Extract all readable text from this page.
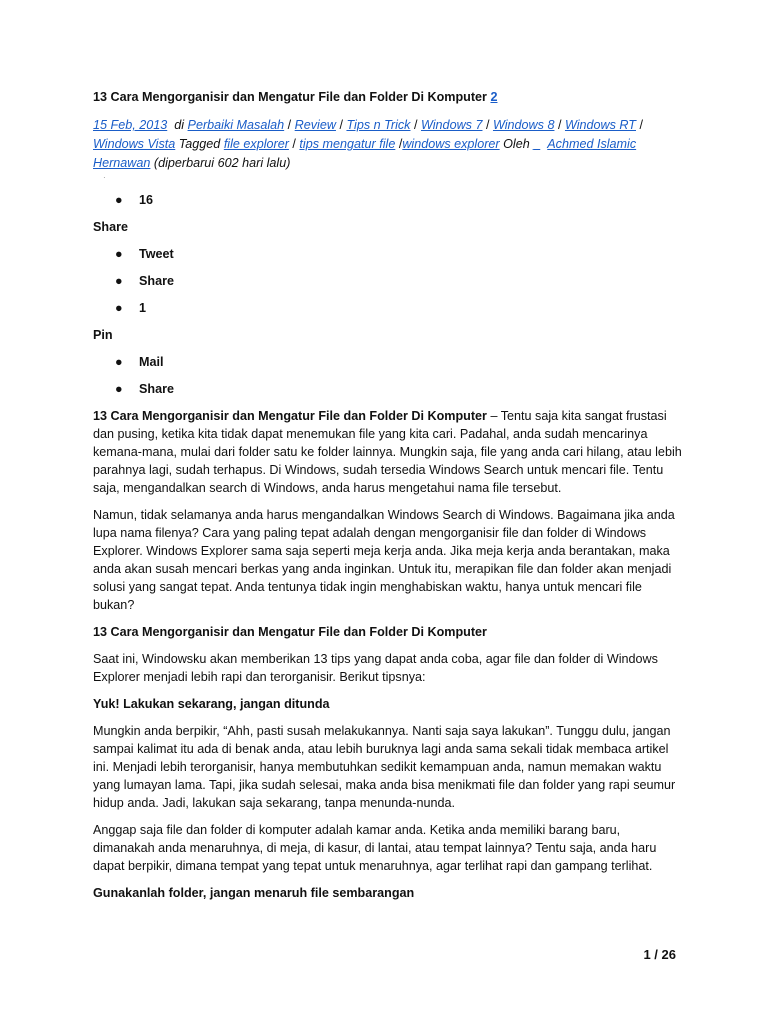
13 Cara Mengorganisir dan Mengatur File dan Folder Di Komputer 2
15 Feb, 2013 di Perbaiki Masalah / Review / Tips n Trick / Windows 7 / Windows 8 / Windows RT / Windows Vista Tagged file explorer / tips mengatur file /windows explorer Oleh _ Achmed Islamic Hernawan (diperbarui 602 hari lalu)
·
● 16
Share
● Tweet
● Share
● 1
Pin
● Mail
● Share

13 Cara Mengorganisir dan Mengatur File dan Folder Di Komputer – Tentu saja kita sangat frustasi dan pusing, ketika kita tidak dapat menemukan file yang kita cari. Padahal, anda sudah mencarinya kemana-mana, mulai dari folder satu ke folder lainnya. Mungkin saja, file yang anda cari hilang, atau lebih parahnya lagi, sudah terhapus. Di Windows, sudah tersedia Windows Search untuk mencari file. Tentu saja, mengandalkan search di Windows, anda harus mengetahui nama file tersebut.

Namun, tidak selamanya anda harus mengandalkan Windows Search di Windows. Bagaimana jika anda lupa nama filenya? Cara yang paling tepat adalah dengan mengorganisir file dan folder di Windows Explorer. Windows Explorer sama saja seperti meja kerja anda. Jika meja kerja anda berantakan, maka anda akan susah mencari berkas yang anda inginkan. Untuk itu, merapikan file dan folder akan menjadi solusi yang sangat tepat. Anda tentunya tidak ingin menghabiskan waktu, hanya untuk mencari file bukan?

13 Cara Mengorganisir dan Mengatur File dan Folder Di Komputer

Saat ini, Windowsku akan memberikan 13 tips yang dapat anda coba, agar file dan folder di Windows Explorer menjadi lebih rapi dan terorganisir. Berikut tipsnya:

Yuk! Lakukan sekarang, jangan ditunda

Mungkin anda berpikir, “Ahh, pasti susah melakukannya. Nanti saja saya lakukan”. Tunggu dulu, jangan sampai kalimat itu ada di benak anda, atau lebih buruknya lagi anda sama sekali tidak membaca artikel ini. Menjadi lebih terorganisir, hanya membutuhkan sedikit kemampuan anda, namun memakan waktu yang lumayan lama. Tapi, jika sudah selesai, maka anda bisa menikmati file dan folder yang rapi seumur hidup anda. Jadi, lakukan saja sekarang, tanpa menunda-nunda.

Anggap saja file dan folder di komputer adalah kamar anda. Ketika anda memiliki barang baru, dimanakah anda menaruhnya, di meja, di kasur, di lantai, atau tempat lainnya? Tentu saja, anda haru dapat berpikir, dimana tempat yang tepat untuk menaruhnya, agar terlihat rapi dan gampang terlihat.

Gunakanlah folder, jangan menaruh file sembarangan
1 / 26
